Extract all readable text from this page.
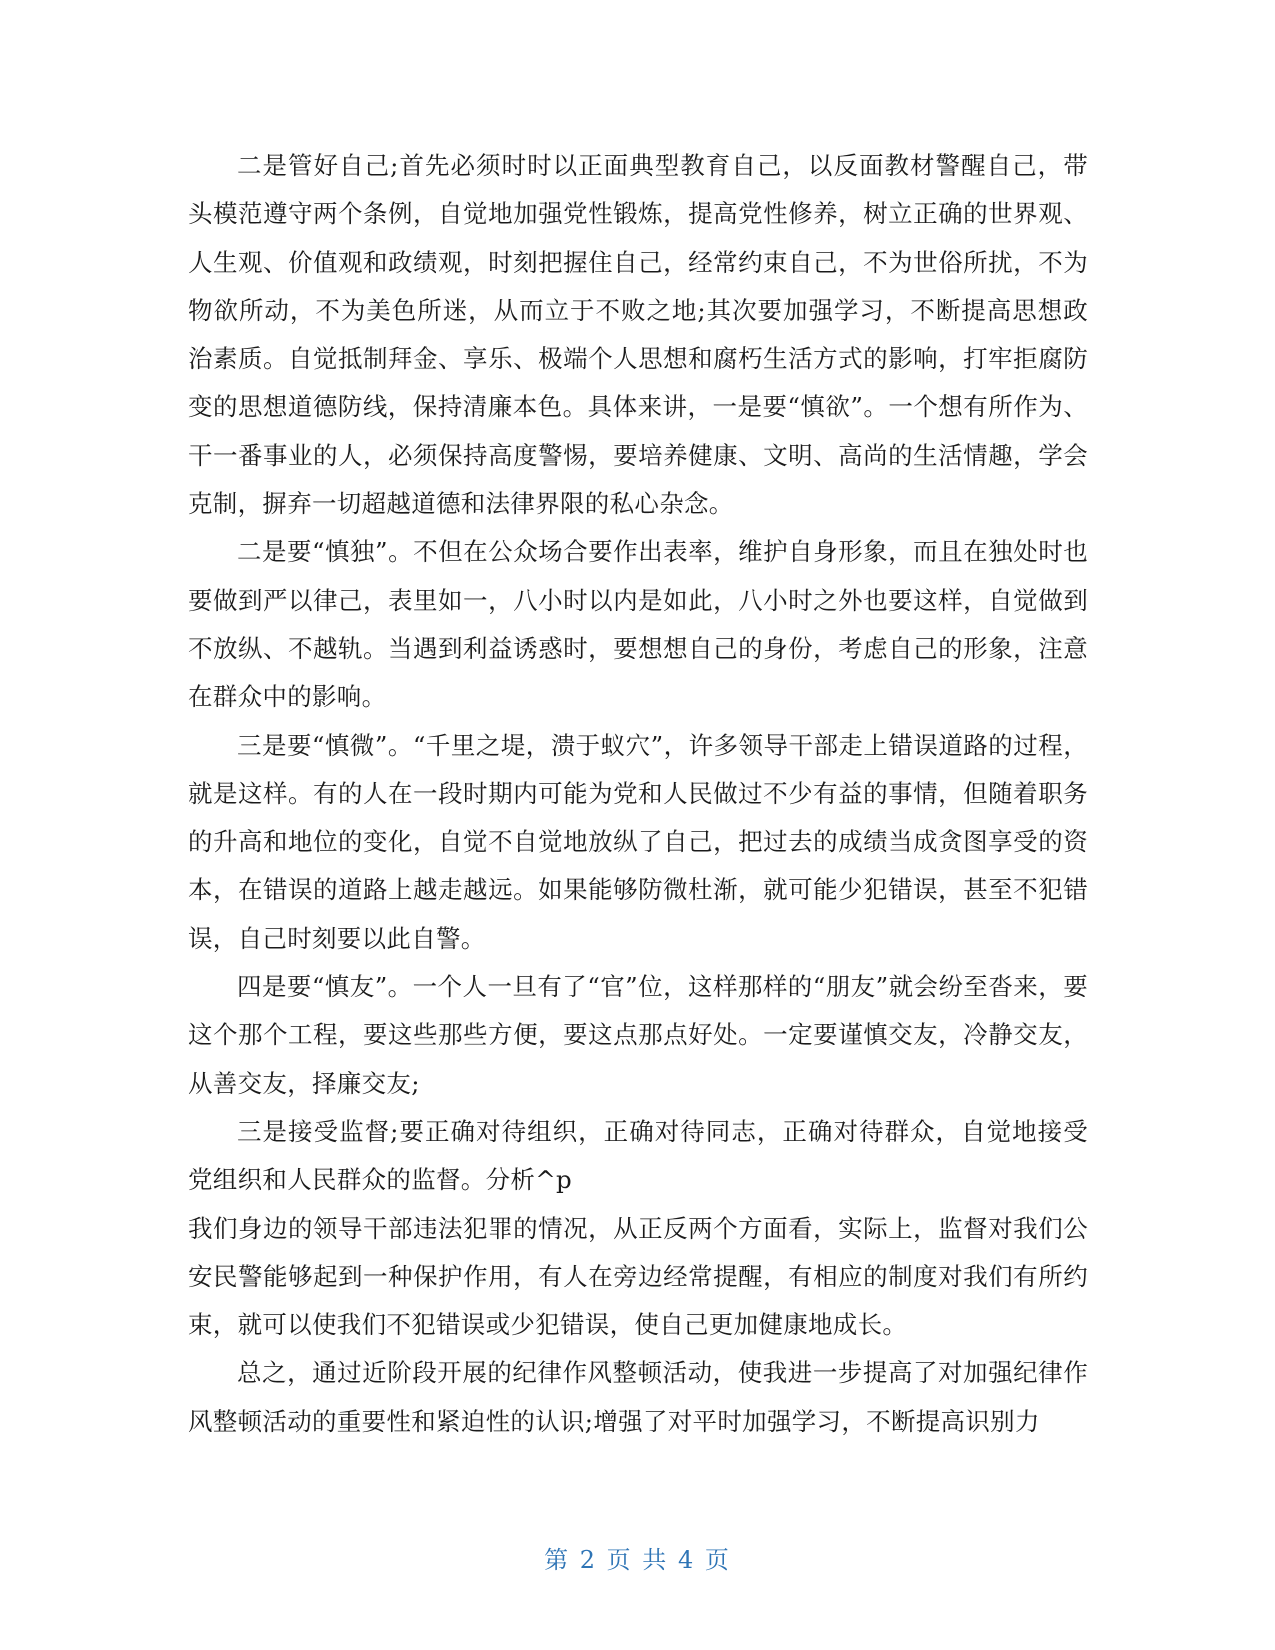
二是管好自己;首先必须时时以正面典型教育自己，以反面教材警醒自己，带头模范遵守两个条例，自觉地加强党性锻炼，提高党性修养，树立正确的世界观、人生观、价值观和政绩观，时刻把握住自己，经常约束自己，不为世俗所扰，不为物欲所动，不为美色所迷，从而立于不败之地;其次要加强学习，不断提高思想政治素质。自觉抵制拜金、享乐、极端个人思想和腐朽生活方式的影响，打牢拒腐防变的思想道德防线，保持清廉本色。具体来讲，一是要“慎欲”。一个想有所作为、干一番事业的人，必须保持高度警惕，要培养健康、文明、高尚的生活情趣，学会克制，摒弃一切超越道德和法律界限的私心杂念。

二是要“慎独”。不但在公众场合要作出表率，维护自身形象，而且在独处时也要做到严以律己，表里如一，八小时以内是如此，八小时之外也要这样，自觉做到不放纵、不越轨。当遇到利益诱惑时，要想想自己的身份，考虑自己的形象，注意在群众中的影响。

三是要“慎微”。“千里之堤，溃于蚁穴”，许多领导干部走上错误道路的过程，就是这样。有的人在一段时期内可能为党和人民做过不少有益的事情，但随着职务的升高和地位的变化，自觉不自觉地放纵了自己，把过去的成绩当成贪图享受的资本，在错误的道路上越走越远。如果能够防微杜渐，就可能少犯错误，甚至不犯错误，自己时刻要以此自警。

四是要“慎友”。一个人一旦有了“官”位，这样那样的“朋友”就会纷至沓来，要这个那个工程，要这些那些方便，要这点那点好处。一定要谨慎交友，冷静交友，从善交友，择廉交友;

三是接受监督;要正确对待组织，正确对待同志，正确对待群众，自觉地接受党组织和人民群众的监督。分析^p

我们身边的领导干部违法犯罪的情况，从正反两个方面看，实际上，监督对我们公安民警能够起到一种保护作用，有人在旁边经常提醒，有相应的制度对我们有所约束，就可以使我们不犯错误或少犯错误，使自己更加健康地成长。

总之，通过近阶段开展的纪律作风整顿活动，使我进一步提高了对加强纪律作风整顿活动的重要性和紧迫性的认识;增强了对平时加强学习，不断提高识别力

第 2 页 共 4 页
